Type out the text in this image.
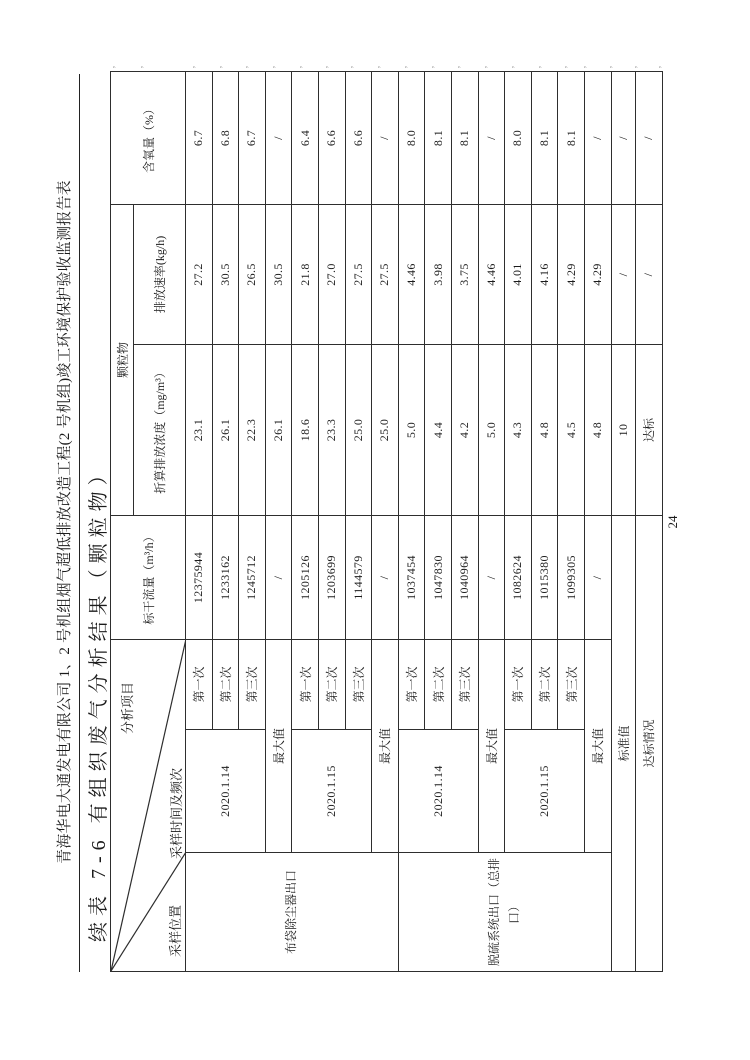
青海华电大通发电有限公司 1、2 号机组烟气超低排放改造工程(2 号机组)竣工环境保护验收监测报告表 续表 7-6 有组织废气分析结果（颗粒物） 分析项目
采样时间及频次
采样位置			标干流量（m³/h）	颗粒物		含氧量（%）
				折算排放浓度（mg/m³）	排放速率(kg/h)	
布袋除尘器出口	2020.1.14	第一次	12375944	23.1	27.2	6.7
		第二次	1233162	26.1	30.5	6.8
		第三次	1245712	22.3	26.5	6.7
	最大值		/	26.1	30.5	/
	2020.1.15	第一次	1205126	18.6	21.8	6.4
		第二次	1203699	23.3	27.0	6.6
		第三次	1144579	25.0	27.5	6.6
	最大值		/	25.0	27.5	/
脱硫系统出口（总排口）	2020.1.14	第一次	1037454	5.0	4.46	8.0
		第二次	1047830	4.4	3.98	8.1
		第三次	1040964	4.2	3.75	8.1
	最大值		/	5.0	4.46	/
	2020.1.15	第一次	1082624	4.3	4.01	8.0
		第二次	1015380	4.8	4.16	8.1
		第三次	1099305	4.5	4.29	8.1
	最大值		/	4.8	4.29	/
标准值				10	/	/
达标情况				达标	/	/
24
, ,	, , , , , , , , , , , , , , , , , , ,
